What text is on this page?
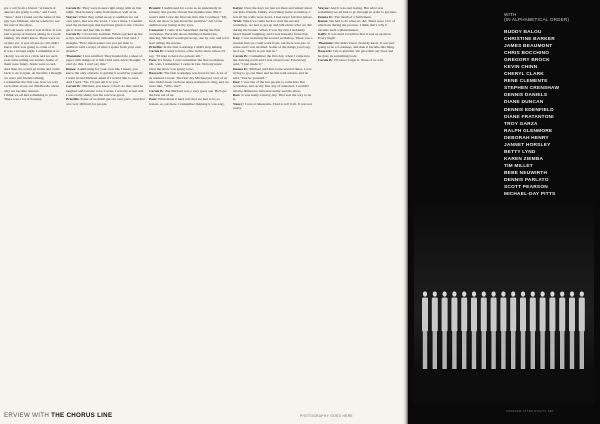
got a call from a friend. "A bunch of dancers are going to talk," and I said, "Sure." And I found out the name of the guy was Michael, and he wanted to see the reel of the show.

Nobody knew what it was at first. It was just a group of dancers sitting in a room talking. We didn't know. There were no writers yet, it was all just us. We didn't know what was going to come of it.

It was a strange night. I remember it so clearly, we sat in a circle and we each took turns telling our stories. Some of them were funny. Some were so sad.

And then we would go home and come back to do it again. At the time I thought we were just friends talking.

I remember the first one, how we told each other about our childhoods, about why we became dancers.

I think we all had something to prove. There was a lot of honesty.

Carole B.: They were honest right along with us that night. That honesty came from them as well as us.

Wayne: When they called us up to audition for our own parts, that was the worst. I was a mess. I couldn't read the monologue that had been given to me. I had to get it down and just talk to him.

Carole B.: I loved my audition. When I picked up the script, and it had almost verbatim what I had said, I thought, "How much easier can you get than to audition with a script of what I spoke from your own mouth?"

Thommie: I was terrified. They handed me a sheet of paper with things on it that I had said. And I thought, "I can't do this. I can't say this."

Renee: Auditioning for your own life, I mean, you know the only obstacle to getting it would be yourself. I went in and Michael asked if I would like to read. And I said, "No, I'll just tell it to you."

Carole B.: Michael, you know, I don't do that. And he laughed and told me to be Carole, I was my actual self. I was really shaky, but the role was good.

Priscilla: Some of us didn't get our own parts. And that was very difficult for people.

Brandt: I auditioned for a role as an understudy in January and got the chorus line months later. But it wasn't until I saw the first run-thru that I realized, "My God, the show is just about the audition." All of our audition was laying in my eyes.

Cameron: I came in in September during the first workshop. We'd talk about childhood memories, dancing. Michael would get us up, one by one, and we'd start telling the stories.

Priscilla: In the first workshop I didn't stop talking.

Carole B.: I used to have a line in the show where I'd say, "I'd hate to have two priests tell."

Pam: It's funny, I can't remember the first workshop. Oh, wait, I remember. I came in late. Nobody knew what the show was going to be.

Baayork: The first workshop was hard for me. A lot of us resisted a book. The first day Michael put a lot of us who hadn't been on those tapes someone to sing, and we were like, "Who, me?"

Carole B.: But Michael was a very good one. He'd get the best out of us.

Pam: What made it hard was that we had to be so honest, so out there. I remember thinking it was easy.

Kelyn: Over the days we just sat there and talked about our kids, friends, family, everything in the workshop. I felt all the walls were down. I had never felt that before.

Trish: When we came back to start the second workshop, we had to get up and talk about what we did during the breaks. When it was my turn I suddenly heard myself laughing, and I was honestly fucked up.

Kay: I was in during the second workshop. There was a session that we could work from, but there was lots of noise and I was terrified. Some of the things you'd say, he'd say, "That's it, put that in."

Carole B.: I remember the first day, when I came into the dancing room and I was all nervous. Everybody said, "I just made it."

Donna D.: Michael said that to me several times. I was trying to go out there and be this total actress, and he said, "Just be yourself."

Don: I was one of the last people to come into that workshop, and on my first day of rehearsal, I couldn't tell the difference between reality and the show.

Ron: It was really a heavy day. That was the way to do it.

Nancy: I was at rehearsals, I had to tell it all. It was not pretty.

Wayne: And it was real boring. But what was something we all had to go through in order to get here.

Donna D.: The death of a Settlement.

Renee: We had to do what we did. There were a lot of emotions during the process. I think that's why it became such a phenomenon.

Kelly: It was hard to believe that it was us up there. Every night.

Thommie: We didn't know. Nobody knew. It was just going to be a workshop, and then it became this thing.

Baayork: I'm so grateful. We gave him our lives and he gave us something back.

Carole B.: I'll never forget it. None of us will.

ERVIEW WITH THE CHORUS LINE	PHOTOGRAPHY GOES HERE
WITH
(IN ALPHABETICAL ORDER)
BUDDY BALOU
CHRISTINE BARKER
JAMES BEAUMONT
CHRIS BOCCHINO
GREGORY BROCK
KEVIN CHINN
CHERYL CLARK
RENE CLEMENTE
STEPHEN CRENSHAW
DENNIS DANIELS
DIANE DUNCAN
DENNIS EDENFIELD
DIANE FRATANTONI
TROY GARZA
RALPH GLENMORE
DEBORAH HENRY
JANNET HORSLEY
BETTY LYND
KAREN ZIEMBA
TIM MILLET
BEBE NEUWIRTH
DENNIS PARLATO
SCOTT PEARSON
MICHAEL-DAY PITTS
FOREVER AFTER RIGHTS SET
